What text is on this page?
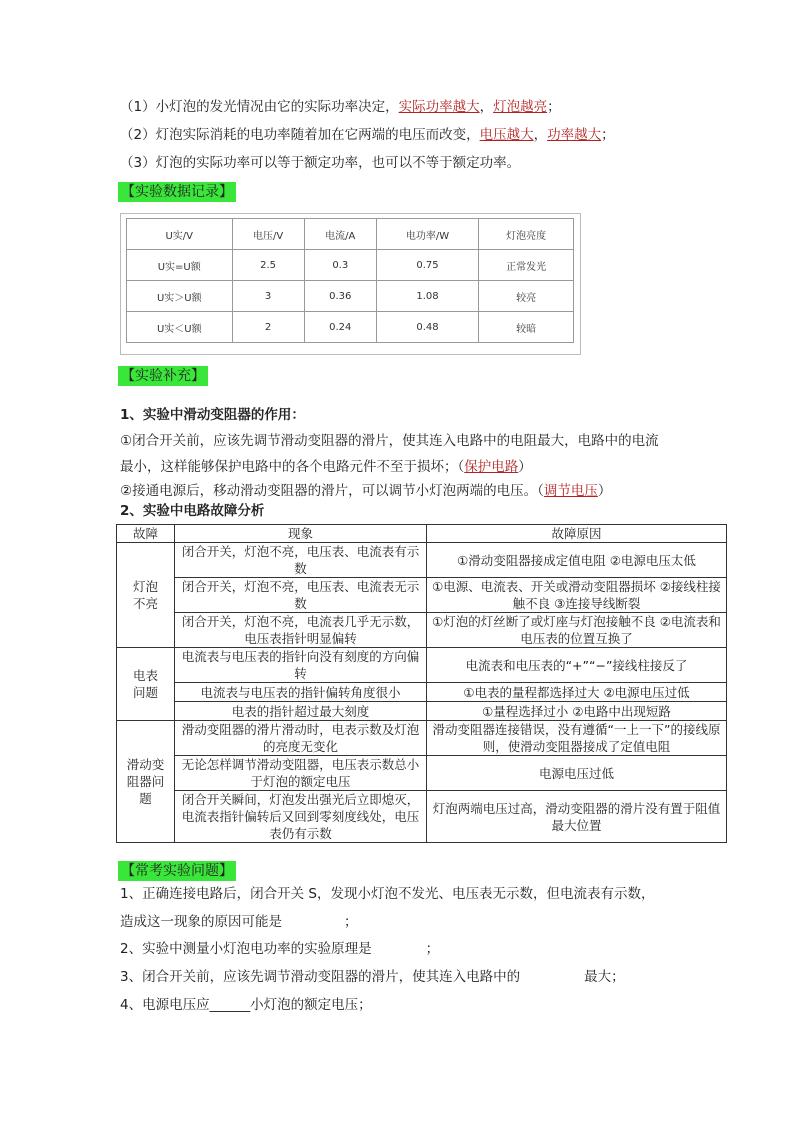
（1）小灯泡的发光情况由它的实际功率决定，实际功率越大，灯泡越亮；
（2）灯泡实际消耗的电功率随着加在它两端的电压而改变，电压越大，功率越大；
（3）灯泡的实际功率可以等于额定功率，也可以不等于额定功率。
【实验数据记录】
U实/V	电压/V	电流/A	电功率/W	灯泡亮度
U实=U额	2.5	0.3	0.75	正常发光
U实＞U额	3	0.36	1.08	较亮
U实＜U额	2	0.24	0.48	较暗
【实验补充】
1、实验中滑动变阻器的作用：
①闭合开关前，应该先调节滑动变阻器的滑片，使其连入电路中的电阻最大，电路中的电流
最小，这样能够保护电路中的各个电路元件不至于损坏；（保护电路）
②接通电源后，移动滑动变阻器的滑片，可以调节小灯泡两端的电压。（调节电压）
2、实验中电路故障分析
故障	现象	故障原因
灯泡不亮	闭合开关，灯泡不亮，电压表、电流表有示数	①滑动变阻器接成定值电阻 ②电源电压太低
	闭合开关，灯泡不亮，电压表、电流表无示数	①电源、电流表、开关或滑动变阻器损坏 ②接线柱接触不良 ③连接导线断裂
	闭合开关，灯泡不亮，电流表几乎无示数，电压表指针明显偏转	①灯泡的灯丝断了或灯座与灯泡接触不良 ②电流表和电压表的位置互换了
电表问题	电流表与电压表的指针向没有刻度的方向偏转	电流表和电压表的“+”“−”接线柱接反了
	电流表与电压表的指针偏转角度很小	①电表的量程都选择过大 ②电源电压过低
	电表的指针超过最大刻度	①量程选择过小 ②电路中出现短路
滑动变阻器问题	滑动变阻器的滑片滑动时，电表示数及灯泡的亮度无变化	滑动变阻器连接错误，没有遵循“一上一下”的接线原则，使滑动变阻器接成了定值电阻
	无论怎样调节滑动变阻器，电压表示数总小于灯泡的额定电压	电源电压过低
	闭合开关瞬间，灯泡发出强光后立即熄灭，电流表指针偏转后又回到零刻度线处，电压表仍有示数	灯泡两端电压过高，滑动变阻器的滑片没有置于阻值最大位置
【常考实验问题】
1、正确连接电路后，闭合开关 S，发现小灯泡不发光、电压表无示数，但电流表有示数，
造成这一现象的原因可能是	；
2、实验中测量小灯泡电功率的实验原理是	；
3、闭合开关前，应该先调节滑动变阻器的滑片，使其连入电路中的	最大；
4、电源电压应______小灯泡的额定电压；
